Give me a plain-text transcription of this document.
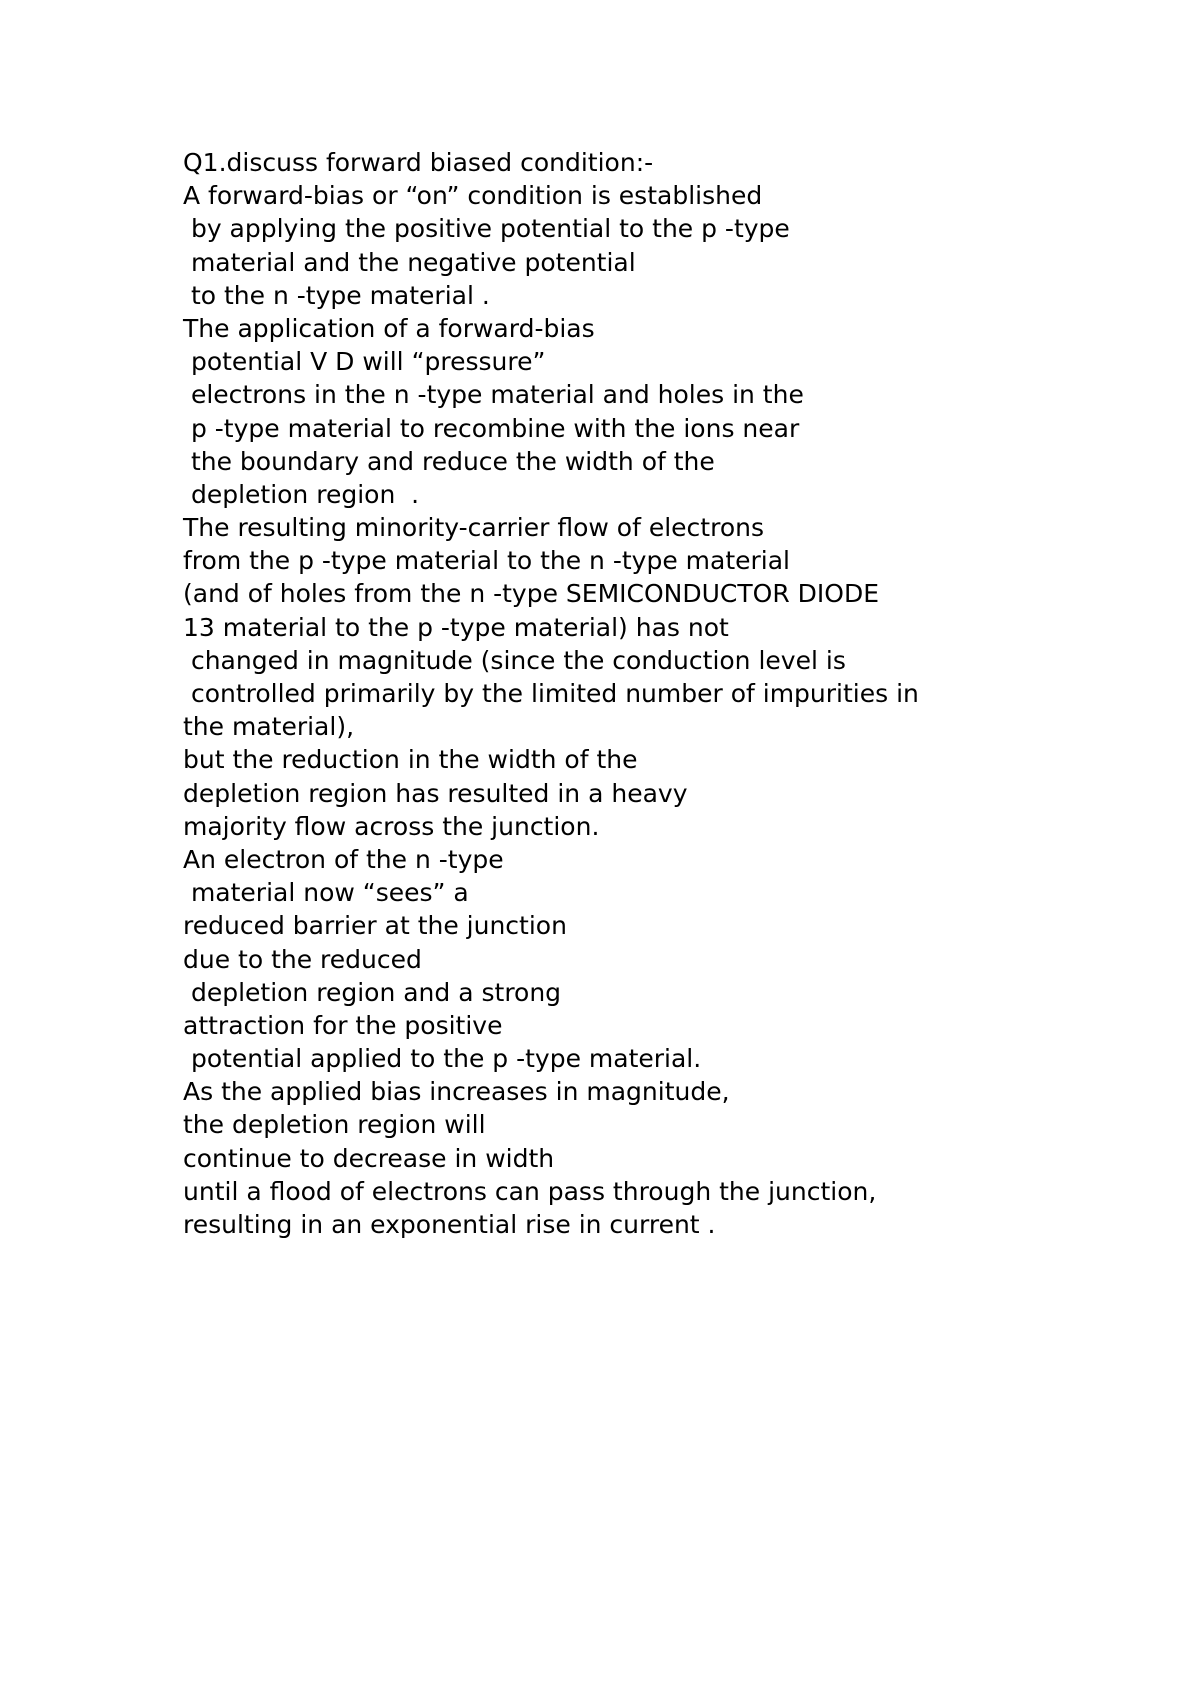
Q1.discuss forward biased condition:-
A forward-bias or “on” condition is established
by applying the positive potential to the p -type
material and the negative potential
to the n -type material .
The application of a forward-bias
potential V D will “pressure”
electrons in the n -type material and holes in the
p -type material to recombine with the ions near
the boundary and reduce the width of the
depletion region  .
The resulting minority-carrier flow of electrons
from the p -type material to the n -type material
(and of holes from the n -type SEMICONDUCTOR DIODE
13 material to the p -type material) has not
changed in magnitude (since the conduction level is
controlled primarily by the limited number of impurities in
the material),
but the reduction in the width of the
depletion region has resulted in a heavy
majority flow across the junction.
An electron of the n -type
material now “sees” a
reduced barrier at the junction
due to the reduced
depletion region and a strong
attraction for the positive
potential applied to the p -type material.
As the applied bias increases in magnitude,
the depletion region will
continue to decrease in width
until a flood of electrons can pass through the junction,
resulting in an exponential rise in current .
